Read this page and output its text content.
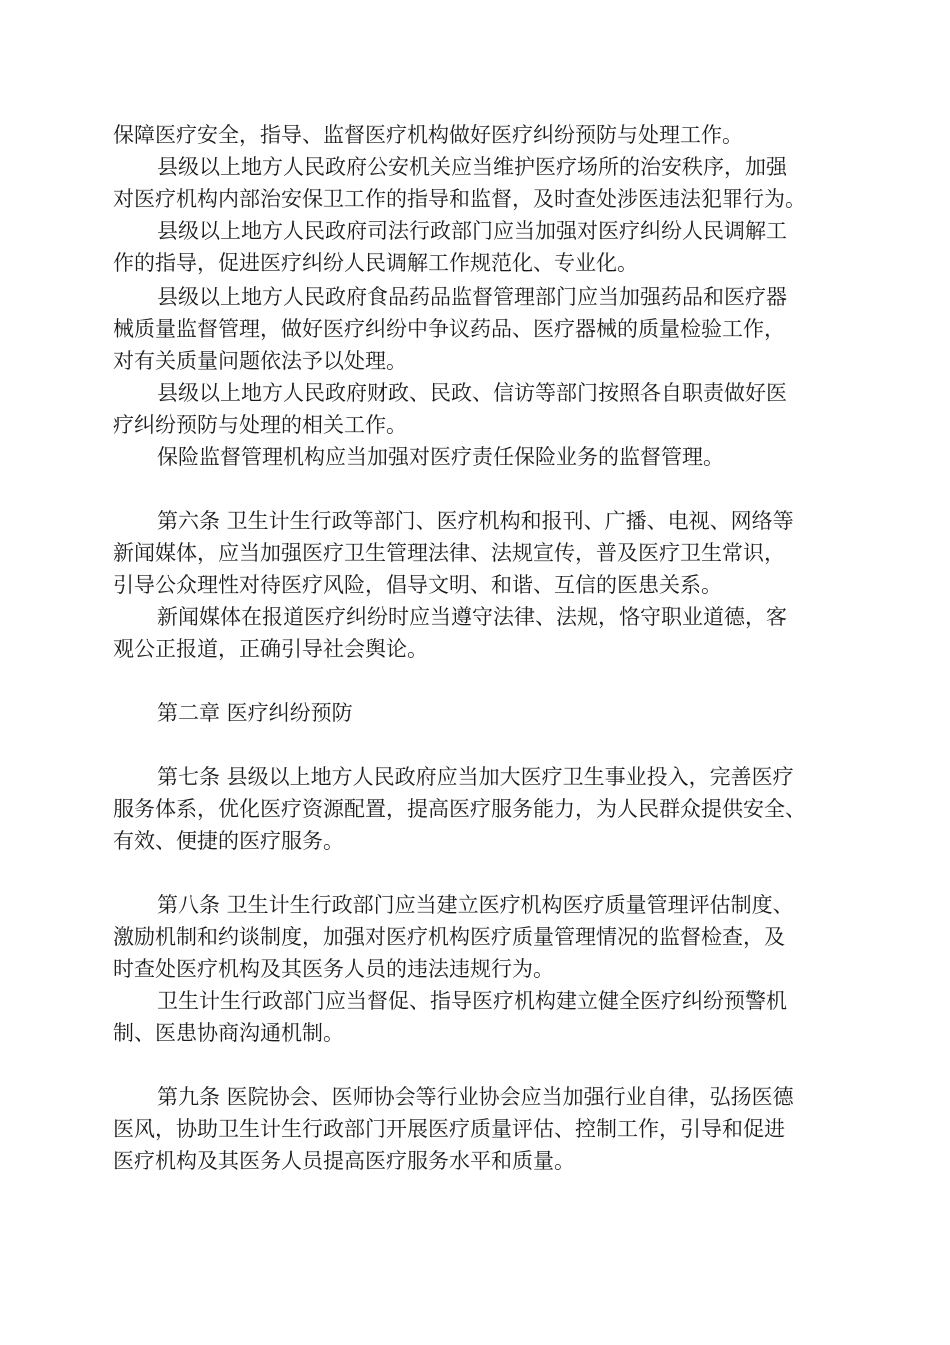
保障医疗安全，指导、监督医疗机构做好医疗纠纷预防与处理工作。
县级以上地方人民政府公安机关应当维护医疗场所的治安秩序，加强
对医疗机构内部治安保卫工作的指导和监督，及时查处涉医违法犯罪行为。
县级以上地方人民政府司法行政部门应当加强对医疗纠纷人民调解工
作的指导，促进医疗纠纷人民调解工作规范化、专业化。
县级以上地方人民政府食品药品监督管理部门应当加强药品和医疗器
械质量监督管理，做好医疗纠纷中争议药品、医疗器械的质量检验工作，
对有关质量问题依法予以处理。
县级以上地方人民政府财政、民政、信访等部门按照各自职责做好医
疗纠纷预防与处理的相关工作。
保险监督管理机构应当加强对医疗责任保险业务的监督管理。
第六条 卫生计生行政等部门、医疗机构和报刊、广播、电视、网络等
新闻媒体，应当加强医疗卫生管理法律、法规宣传，普及医疗卫生常识，
引导公众理性对待医疗风险，倡导文明、和谐、互信的医患关系。
新闻媒体在报道医疗纠纷时应当遵守法律、法规，恪守职业道德，客
观公正报道，正确引导社会舆论。
第二章 医疗纠纷预防
第七条 县级以上地方人民政府应当加大医疗卫生事业投入，完善医疗
服务体系，优化医疗资源配置，提高医疗服务能力，为人民群众提供安全、
有效、便捷的医疗服务。
第八条 卫生计生行政部门应当建立医疗机构医疗质量管理评估制度、
激励机制和约谈制度，加强对医疗机构医疗质量管理情况的监督检查，及
时查处医疗机构及其医务人员的违法违规行为。
卫生计生行政部门应当督促、指导医疗机构建立健全医疗纠纷预警机
制、医患协商沟通机制。
第九条 医院协会、医师协会等行业协会应当加强行业自律，弘扬医德
医风，协助卫生计生行政部门开展医疗质量评估、控制工作，引导和促进
医疗机构及其医务人员提高医疗服务水平和质量。
